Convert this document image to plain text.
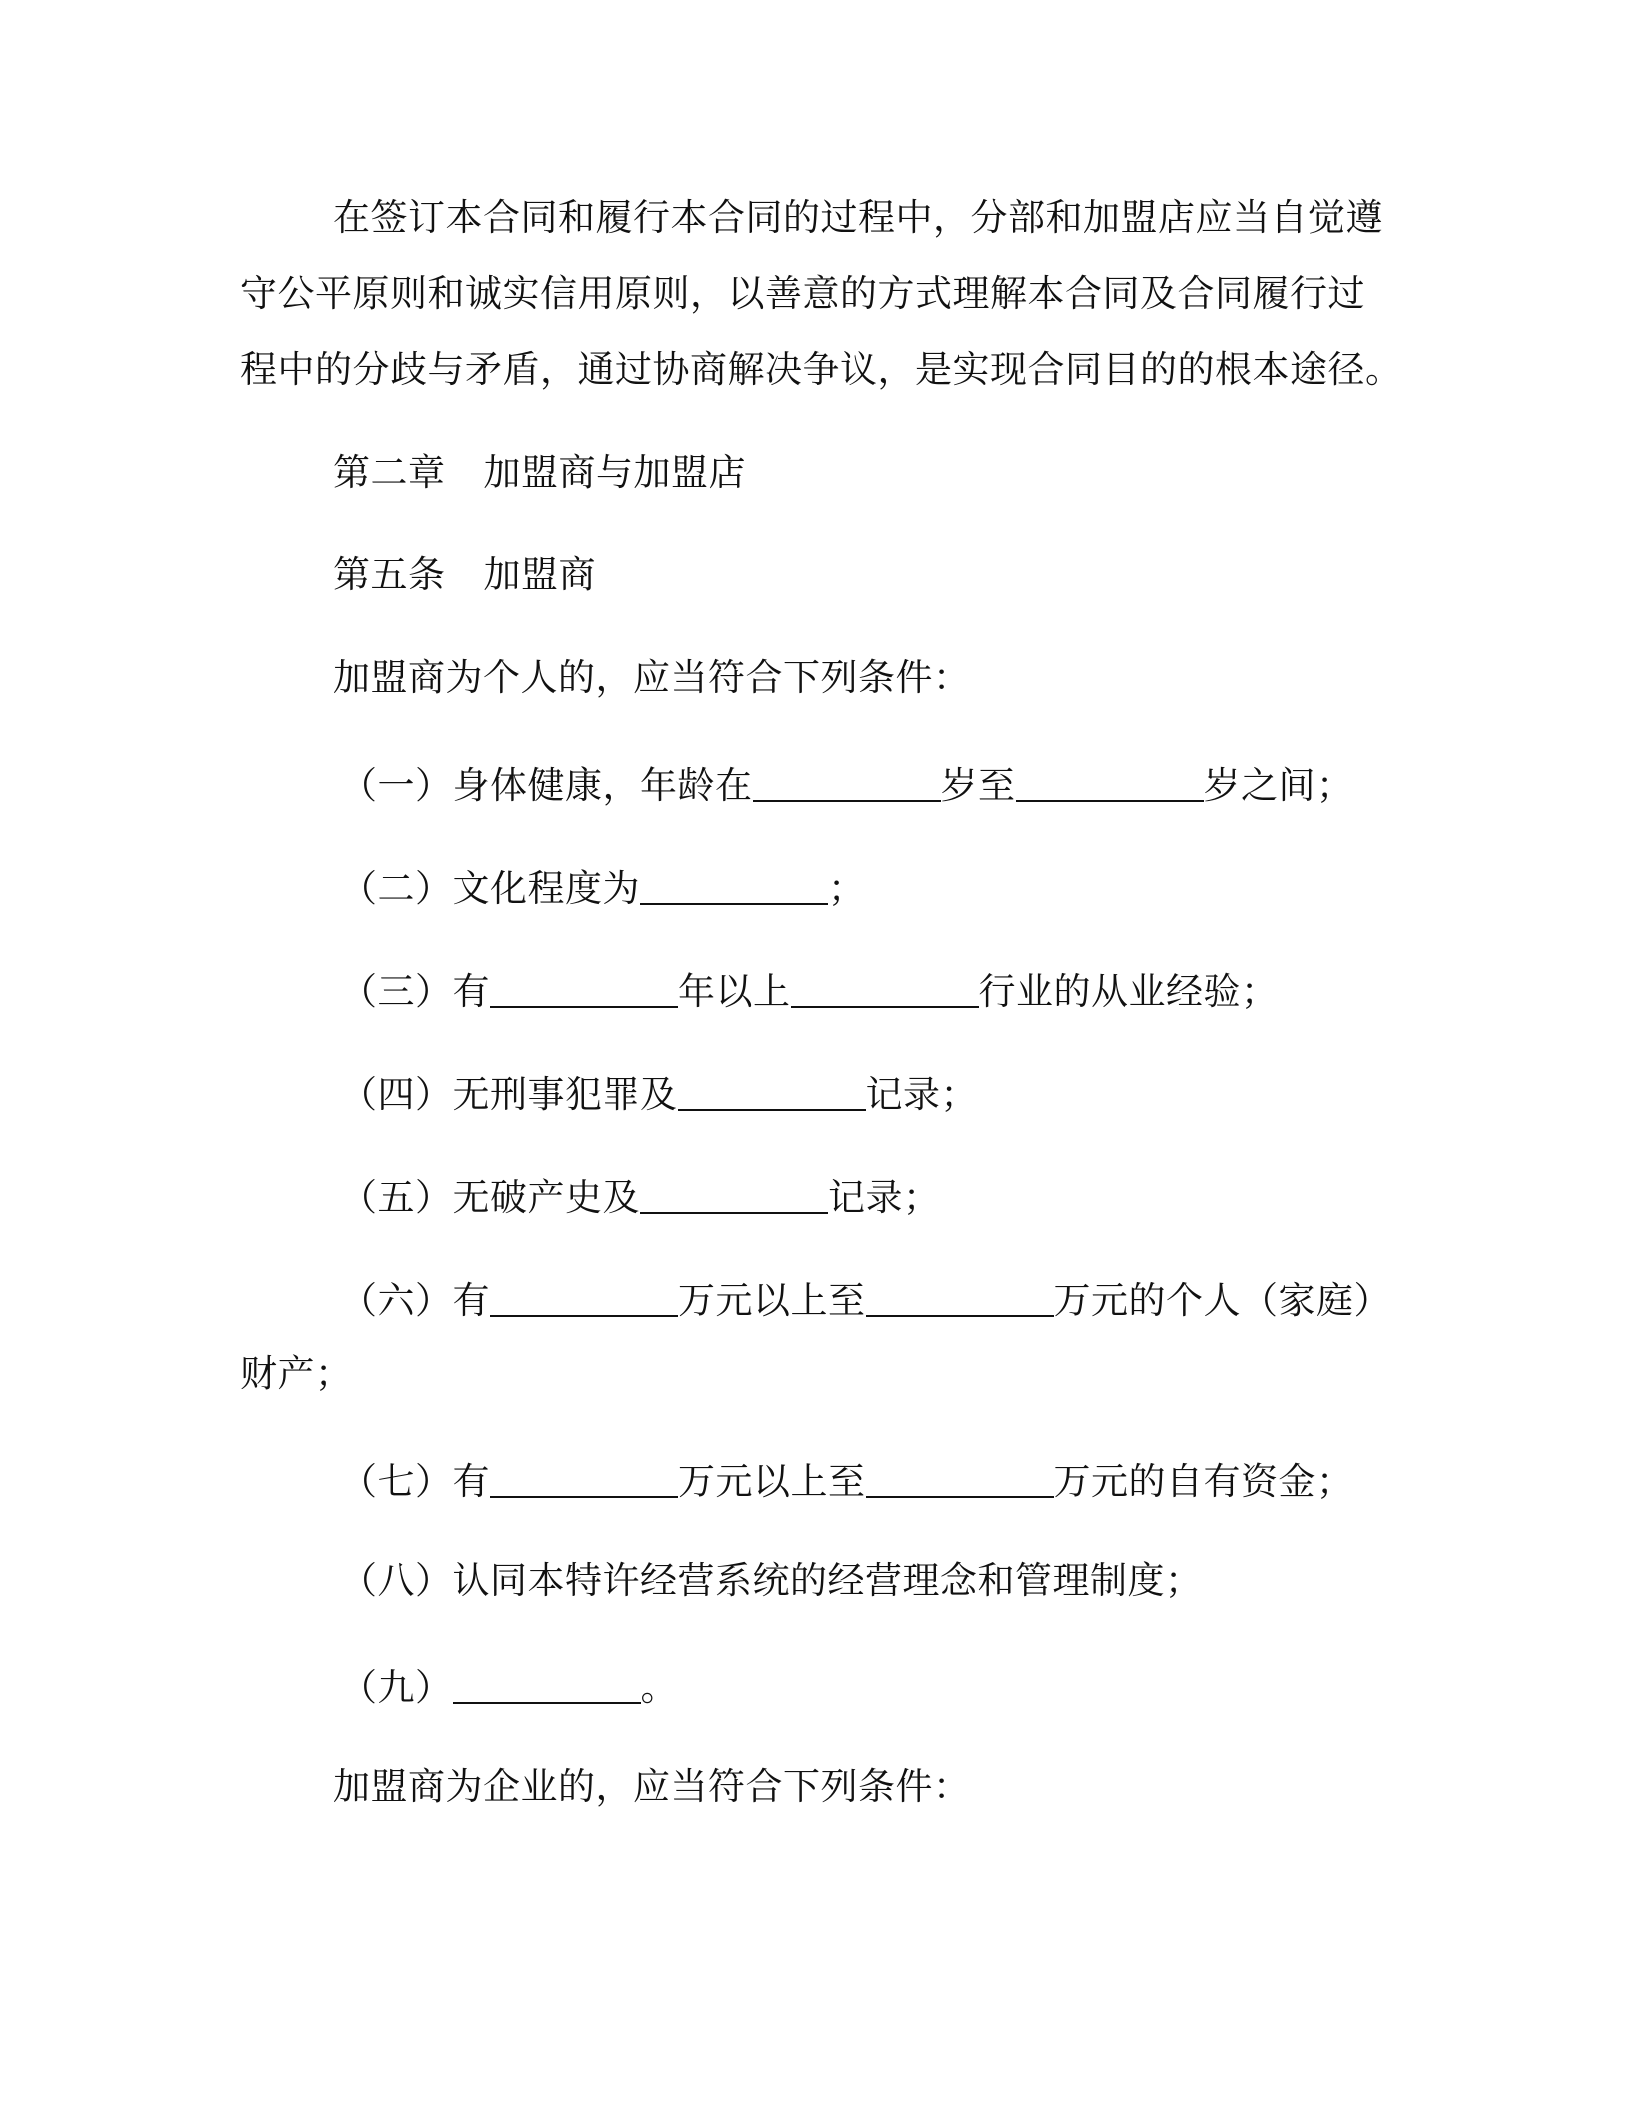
在签订本合同和履行本合同的过程中，分部和加盟店应当自觉遵
守公平原则和诚实信用原则，以善意的方式理解本合同及合同履行过
程中的分歧与矛盾，通过协商解决争议，是实现合同目的的根本途径。
第二章 加盟商与加盟店
第五条 加盟商
加盟商为个人的，应当符合下列条件：
（一）身体健康，年龄在	岁至	岁之间；
（二）文化程度为	；
（三）有	年以上	行业的从业经验；
（四）无刑事犯罪及	记录；
（五）无破产史及	记录；
（六）有	万元以上至	万元的个人（家庭）
财产；
（七）有	万元以上至	万元的自有资金；
（八）认同本特许经营系统的经营理念和管理制度；
（九）	。
加盟商为企业的，应当符合下列条件：
